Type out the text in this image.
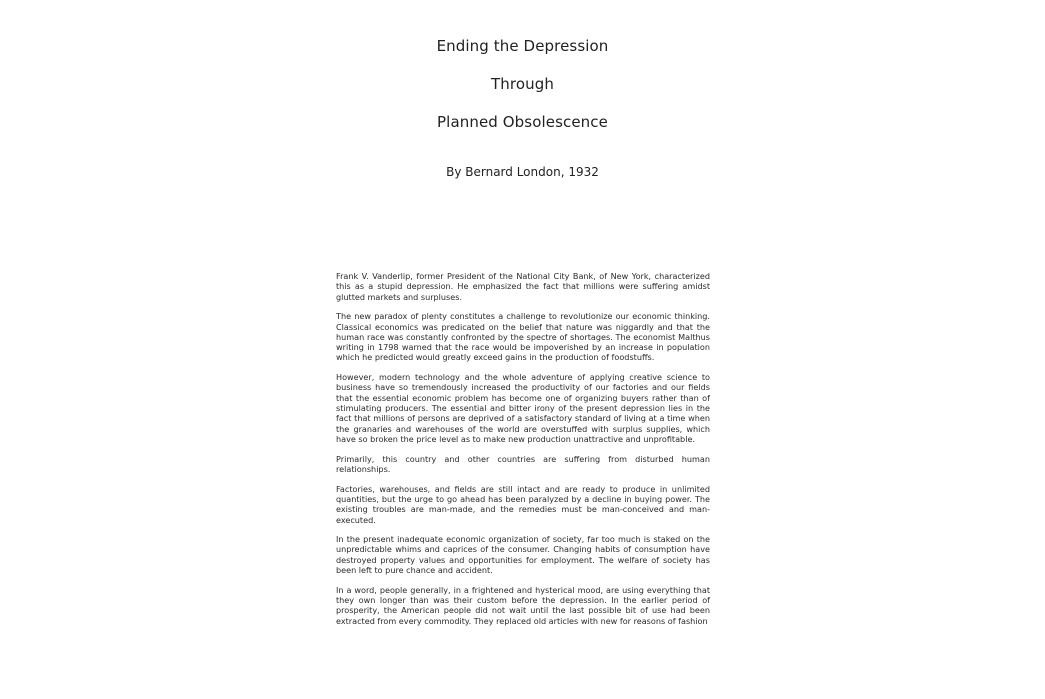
Ending the Depression
Through
Planned Obsolescence
By Bernard London, 1932

Frank V. Vanderlip, former President of the National City Bank, of New York, characterized this as a stupid depression. He emphasized the fact that millions were suffering amidst glutted markets and surpluses.

The new paradox of plenty constitutes a challenge to revolutionize our economic thinking. Classical economics was predicated on the belief that nature was niggardly and that the human race was constantly confronted by the spectre of shortages. The economist Malthus writing in 1798 warned that the race would be impoverished by an increase in population which he predicted would greatly exceed gains in the production of foodstuffs.

However, modern technology and the whole adventure of applying creative science to business have so tremendously increased the productivity of our factories and our fields that the essential economic problem has become one of organizing buyers rather than of stimulating producers. The essential and bitter irony of the present depression lies in the fact that millions of persons are deprived of a satisfactory standard of living at a time when the granaries and warehouses of the world are overstuffed with surplus supplies, which have so broken the price level as to make new production unattractive and unprofitable.

Primarily, this country and other countries are suffering from disturbed human relationships.

Factories, warehouses, and fields are still intact and are ready to produce in unlimited quantities, but the urge to go ahead has been paralyzed by a decline in buying power. The existing troubles are man-made, and the remedies must be man-conceived and man-executed.

In the present inadequate economic organization of society, far too much is staked on the unpredictable whims and caprices of the consumer. Changing habits of consumption have destroyed property values and opportunities for employment. The welfare of society has been left to pure chance and accident.

In a word, people generally, in a frightened and hysterical mood, are using everything that they own longer than was their custom before the depression. In the earlier period of prosperity, the American people did not wait until the last possible bit of use had been extracted from every commodity. They replaced old articles with new for reasons of fashion
